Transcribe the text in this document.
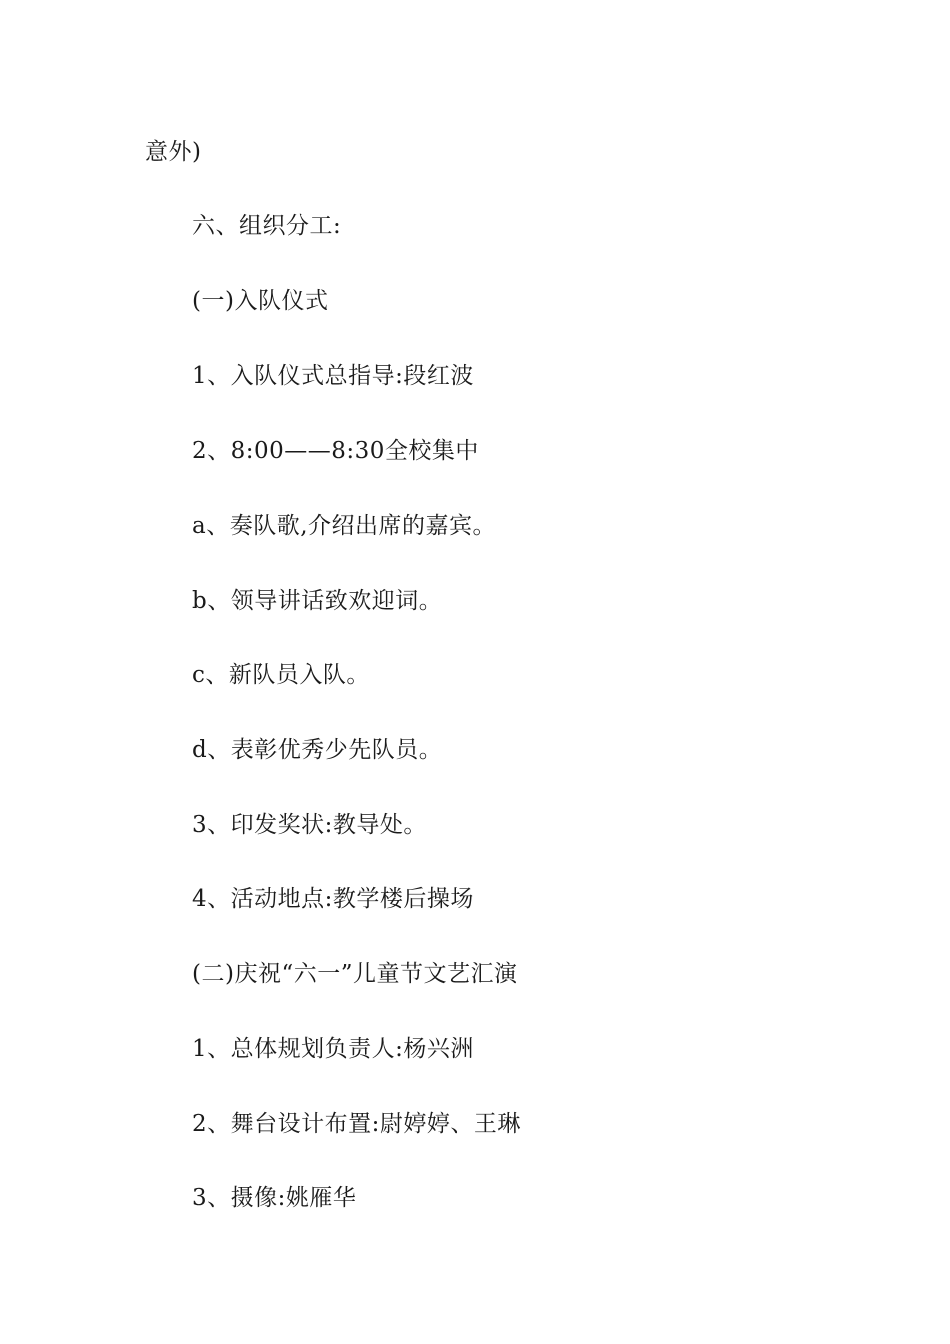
意外)
六、组织分工:
(一)入队仪式
1、入队仪式总指导:段红波
2、8:00——8:30全校集中
a、奏队歌,介绍出席的嘉宾。
b、领导讲话致欢迎词。
c、新队员入队。
d、表彰优秀少先队员。
3、印发奖状:教导处。
4、活动地点:教学楼后操场
(二)庆祝“六一”儿童节文艺汇演
1、总体规划负责人:杨兴洲
2、舞台设计布置:尉婷婷、王琳
3、摄像:姚雁华
